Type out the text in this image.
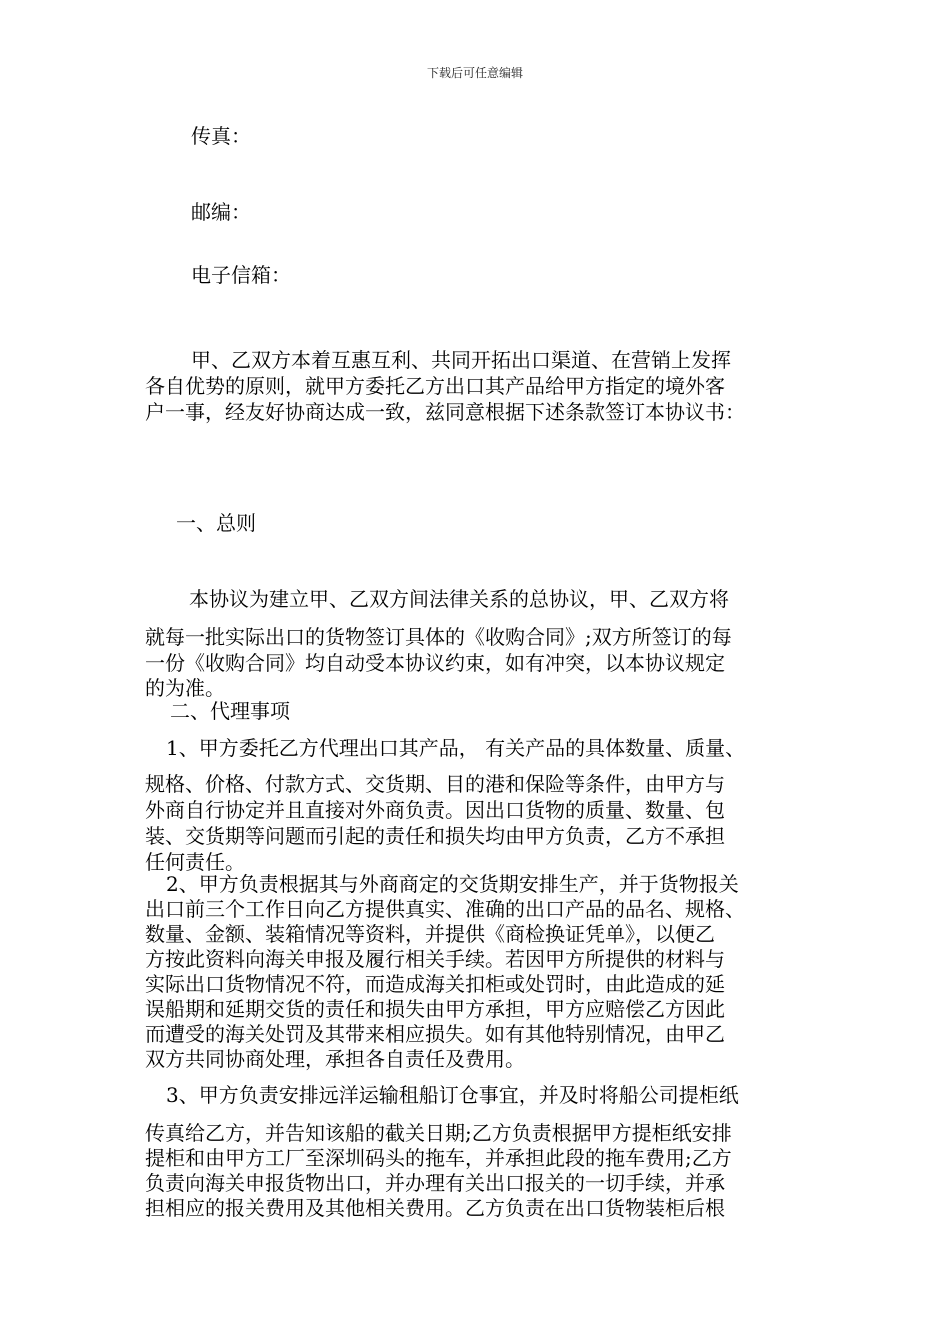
下载后可任意编辑

传真：

邮编：

电子信箱：

甲、乙双方本着互惠互利、共同开拓出口渠道、在营销上发挥

各自优势的原则，就甲方委托乙方出口其产品给甲方指定的境外客

户一事，经友好协商达成一致，兹同意根据下述条款签订本协议书：

一、总则

本协议为建立甲、乙双方间法律关系的总协议，甲、乙双方将

就每一批实际出口的货物签订具体的《收购合同》;双方所签订的每

一份《收购合同》均自动受本协议约束，如有冲突，以本协议规定

的为准。

二、代理事项

1、甲方委托乙方代理出口其产品， 有关产品的具体数量、质量、

规格、价格、付款方式、交货期、目的港和保险等条件，由甲方与

外商自行协定并且直接对外商负责。因出口货物的质量、数量、包

装、交货期等问题而引起的责任和损失均由甲方负责，乙方不承担

任何责任。

2、甲方负责根据其与外商商定的交货期安排生产，并于货物报关

出口前三个工作日向乙方提供真实、准确的出口产品的品名、规格、

数量、金额、装箱情况等资料，并提供《商检换证凭单》，以便乙

方按此资料向海关申报及履行相关手续。若因甲方所提供的材料与

实际出口货物情况不符，而造成海关扣柜或处罚时，由此造成的延

误船期和延期交货的责任和损失由甲方承担，甲方应赔偿乙方因此

而遭受的海关处罚及其带来相应损失。如有其他特别情况，由甲乙

双方共同协商处理，承担各自责任及费用。

3、甲方负责安排远洋运输租船订仓事宜，并及时将船公司提柜纸

传真给乙方，并告知该船的截关日期;乙方负责根据甲方提柜纸安排

提柜和由甲方工厂至深圳码头的拖车，并承担此段的拖车费用;乙方

负责向海关申报货物出口，并办理有关出口报关的一切手续，并承

担相应的报关费用及其他相关费用。乙方负责在出口货物装柜后根
